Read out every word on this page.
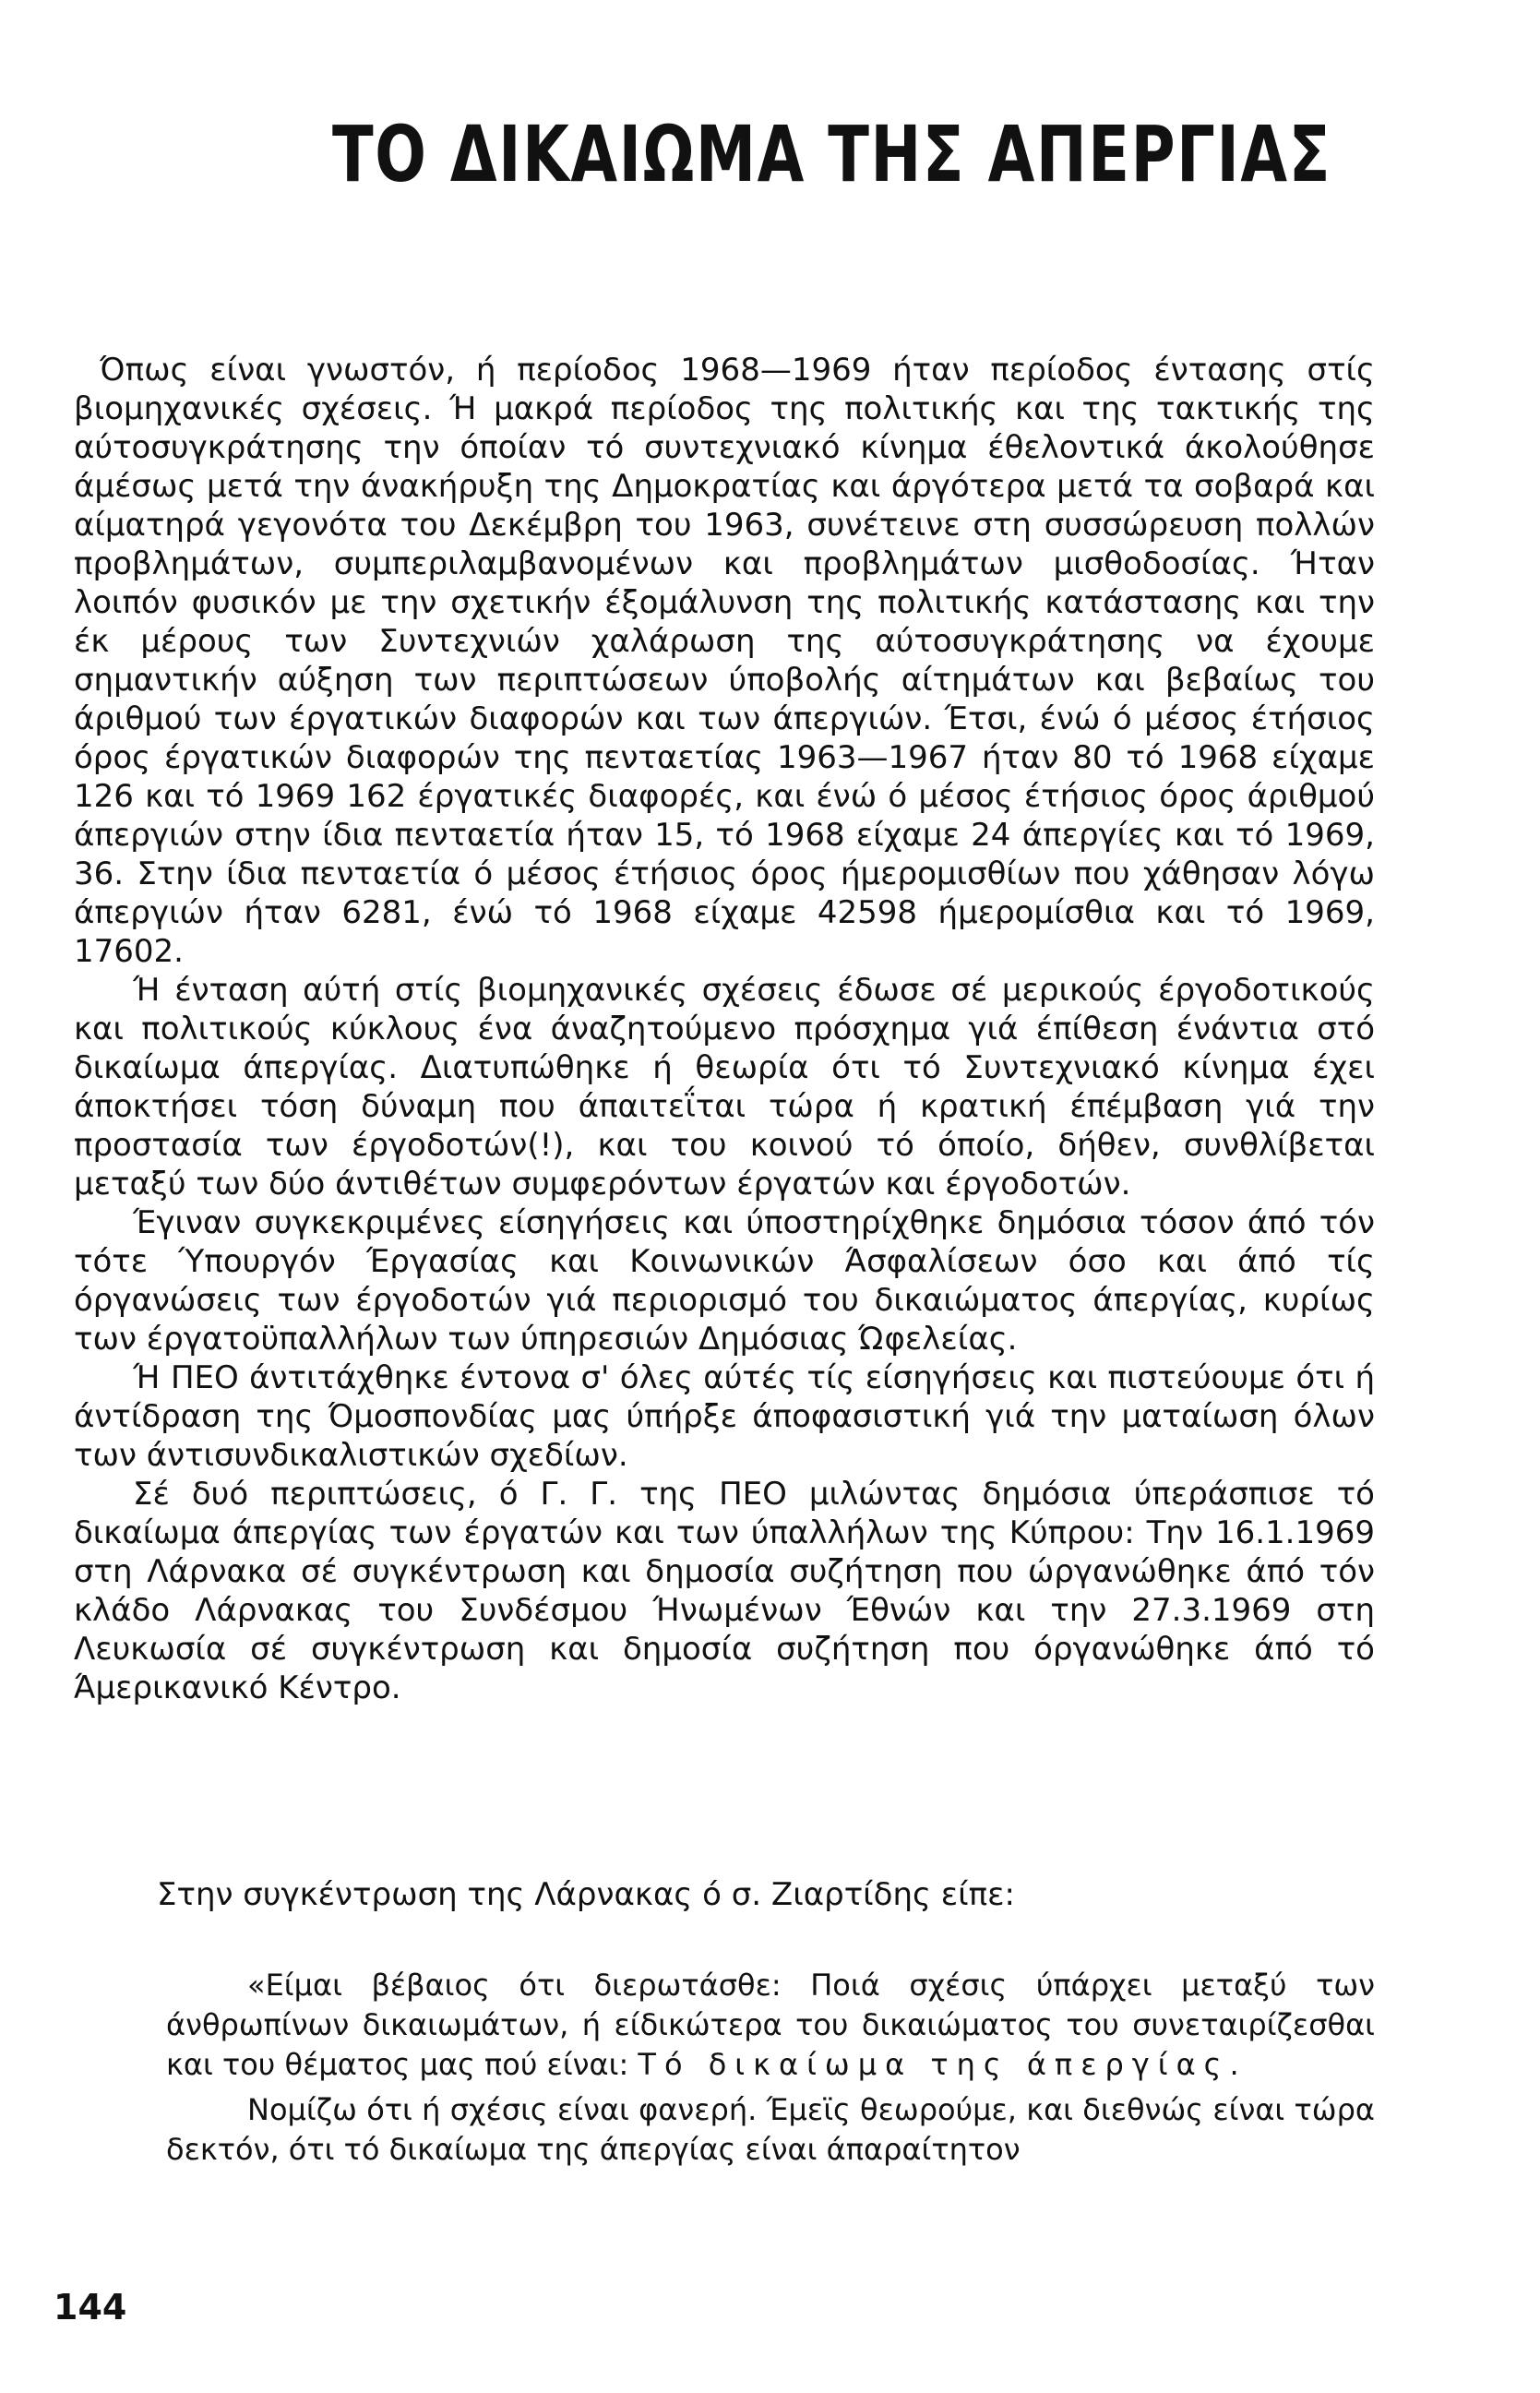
ΤΟ ΔΙΚΑΙΩΜΑ ΤΗΣ ΑΠΕΡΓΙΑΣ

Όπως είναι γνωστόν, ή περίοδος 1968—1969 ήταν περίοδος έντασης στίς βιομηχανικές σχέσεις. Ή μακρά περίοδος της πολιτικής και της τακτικής της αύτοσυγκράτησης την όποίαν τό συντεχνιακό κίνημα έθελοντικά άκολούθησε άμέσως μετά την άνακήρυξη της Δημοκρατίας και άργότερα μετά τα σοβαρά και αίματηρά γεγονότα του Δεκέμβρη του 1963, συνέτεινε στη συσσώρευση πολλών προβλημάτων, συμπεριλαμβανομένων και προβλημάτων μισθοδοσίας. Ήταν λοιπόν φυσικόν με την σχετικήν έξομάλυνση της πολιτικής κατάστασης και την έκ μέρους των Συντεχνιών χαλάρωση της αύτοσυγκράτησης να έχουμε σημαντικήν αύξηση των περιπτώσεων ύποβολής αίτημάτων και βεβαίως του άριθμού των έργατικών διαφορών και των άπεργιών. Έτσι, ένώ ό μέσος έτήσιος όρος έργατικών διαφορών της πενταετίας 1963—1967 ήταν 80 τό 1968 είχαμε 126 και τό 1969 162 έργατικές διαφορές, και ένώ ό μέσος έτήσιος όρος άριθμού άπεργιών στην ίδια πενταετία ήταν 15, τό 1968 είχαμε 24 άπεργίες και τό 1969, 36. Στην ίδια πενταετία ό μέσος έτήσιος όρος ήμερομισθίων που χάθησαν λόγω άπεργιών ήταν 6281, ένώ τό 1968 είχαμε 42598 ήμερομίσθια και τό 1969, 17602.

Ή ένταση αύτή στίς βιομηχανικές σχέσεις έδωσε σέ μερικούς έργοδοτικούς και πολιτικούς κύκλους ένα άναζητούμενο πρόσχημα γιά έπίθεση ένάντια στό δικαίωμα άπεργίας. Διατυπώθηκε ή θεωρία ότι τό Συντεχνιακό κίνημα έχει άποκτήσει τόση δύναμη που άπαιτεΐται τώρα ή κρατική έπέμβαση γιά την προστασία των έργοδοτών(!), και του κοινού τό όποίο, δήθεν, συνθλίβεται μεταξύ των δύο άντιθέτων συμφερόντων έργατών και έργοδοτών.

Έγιναν συγκεκριμένες είσηγήσεις και ύποστηρίχθηκε δημόσια τόσον άπό τόν τότε Ύπουργόν Έργασίας και Κοινωνικών Άσφαλίσεων όσο και άπό τίς όργανώσεις των έργοδοτών γιά περιορισμό του δικαιώματος άπεργίας, κυρίως των έργατοϋπαλλήλων των ύπηρεσιών Δημόσιας Ώφελείας.

Ή ΠΕΟ άντιτάχθηκε έντονα σ' όλες αύτές τίς είσηγήσεις και πιστεύουμε ότι ή άντίδραση της Όμοσπονδίας μας ύπήρξε άποφασιστική γιά την ματαίωση όλων των άντισυνδικαλιστικών σχεδίων.

Σέ δυό περιπτώσεις, ό Γ. Γ. της ΠΕΟ μιλώντας δημόσια ύπεράσπισε τό δικαίωμα άπεργίας των έργατών και των ύπαλλήλων της Κύπρου: Την 16.1.1969 στη Λάρνακα σέ συγκέντρωση και δημοσία συζήτηση που ώργανώθηκε άπό τόν κλάδο Λάρνακας του Συνδέσμου Ήνωμένων Έθνών και την 27.3.1969 στη Λευκωσία σέ συγκέντρωση και δημοσία συζήτηση που όργανώθηκε άπό τό Άμερικανικό Κέντρο.

Στην συγκέντρωση της Λάρνακας ό σ. Ζιαρτίδης είπε:

«Είμαι βέβαιος ότι διερωτάσθε: Ποιά σχέσις ύπάρχει μεταξύ των άνθρωπίνων δικαιωμάτων, ή είδικώτερα του δικαιώματος του συνεταιρίζεσθαι και του θέματος μας πού είναι: Τό δικαίωμα της άπεργίας.

Νομίζω ότι ή σχέσις είναι φανερή. Έμεϊς θεωρούμε, και διεθνώς είναι τώρα δεκτόν, ότι τό δικαίωμα της άπεργίας είναι άπαραίτητον

144
